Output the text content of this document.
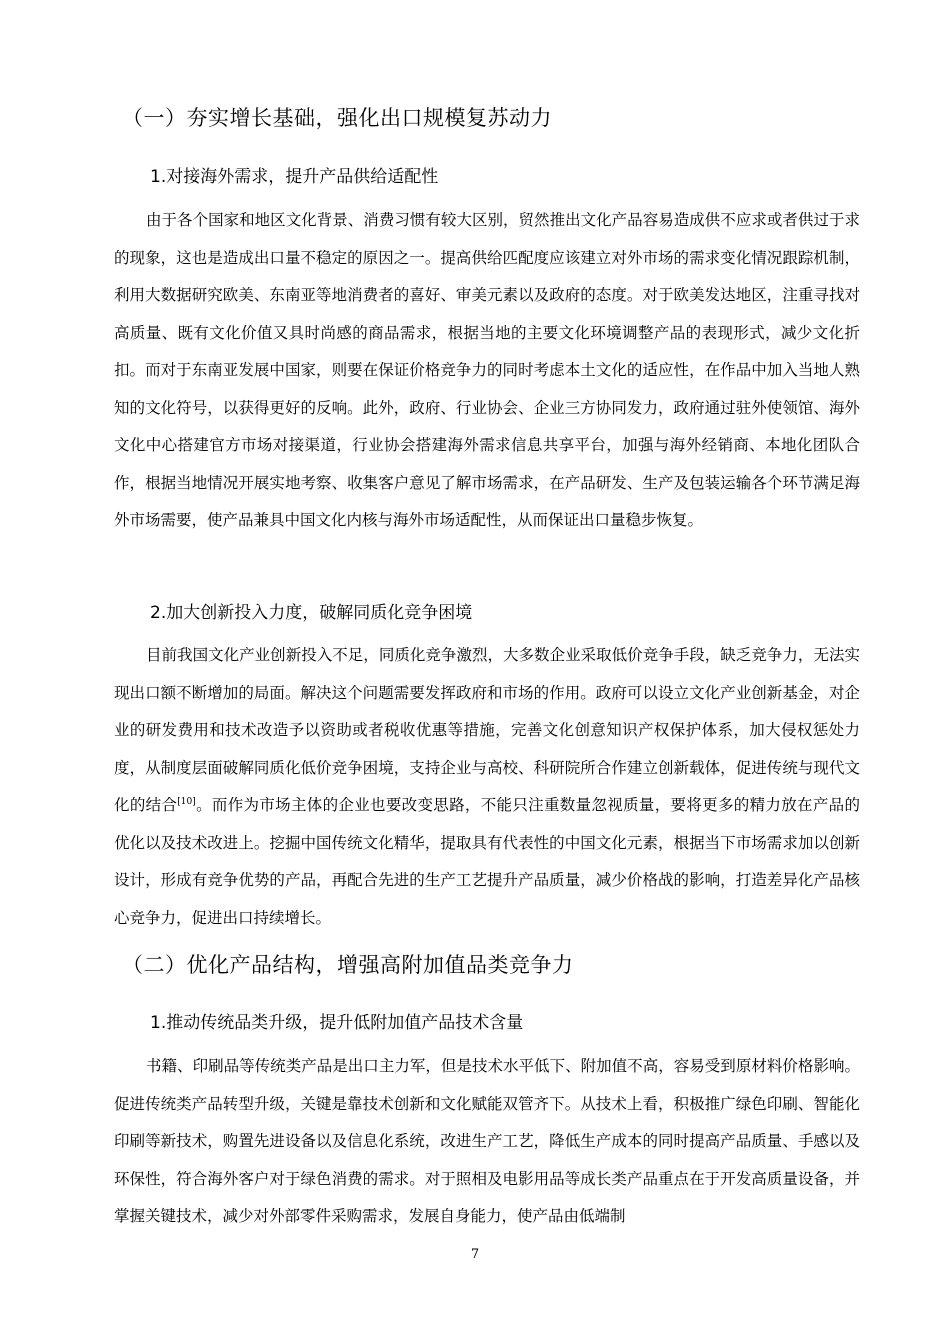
（一）夯实增长基础，强化出口规模复苏动力
1.对接海外需求，提升产品供给适配性

由于各个国家和地区文化背景、消费习惯有较大区别，贸然推出文化产品容易造成供不应求或者供过于求的现象，这也是造成出口量不稳定的原因之一。提高供给匹配度应该建立对外市场的需求变化情况跟踪机制，利用大数据研究欧美、东南亚等地消费者的喜好、审美元素以及政府的态度。对于欧美发达地区，注重寻找对高质量、既有文化价值又具时尚感的商品需求，根据当地的主要文化环境调整产品的表现形式，减少文化折扣。而对于东南亚发展中国家，则要在保证价格竞争力的同时考虑本土文化的适应性，在作品中加入当地人熟知的文化符号，以获得更好的反响。此外，政府、行业协会、企业三方协同发力，政府通过驻外使领馆、海外文化中心搭建官方市场对接渠道，行业协会搭建海外需求信息共享平台，加强与海外经销商、本地化团队合作，根据当地情况开展实地考察、收集客户意见了解市场需求，在产品研发、生产及包装运输各个环节满足海外市场需要，使产品兼具中国文化内核与海外市场适配性，从而保证出口量稳步恢复。

2.加大创新投入力度，破解同质化竞争困境

目前我国文化产业创新投入不足，同质化竞争激烈，大多数企业采取低价竞争手段，缺乏竞争力，无法实现出口额不断增加的局面。解决这个问题需要发挥政府和市场的作用。政府可以设立文化产业创新基金，对企业的研发费用和技术改造予以资助或者税收优惠等措施，完善文化创意知识产权保护体系，加大侵权惩处力度，从制度层面破解同质化低价竞争困境，支持企业与高校、科研院所合作建立创新载体，促进传统与现代文化的结合[10]。而作为市场主体的企业也要改变思路，不能只注重数量忽视质量，要将更多的精力放在产品的优化以及技术改进上。挖掘中国传统文化精华，提取具有代表性的中国文化元素，根据当下市场需求加以创新设计，形成有竞争优势的产品，再配合先进的生产工艺提升产品质量，减少价格战的影响，打造差异化产品核心竞争力，促进出口持续增长。

（二）优化产品结构，增强高附加值品类竞争力
1.推动传统品类升级，提升低附加值产品技术含量

书籍、印刷品等传统类产品是出口主力军，但是技术水平低下、附加值不高，容易受到原材料价格影响。促进传统类产品转型升级，关键是靠技术创新和文化赋能双管齐下。从技术上看，积极推广绿色印刷、智能化印刷等新技术，购置先进设备以及信息化系统，改进生产工艺，降低生产成本的同时提高产品质量、手感以及环保性，符合海外客户对于绿色消费的需求。对于照相及电影用品等成长类产品重点在于开发高质量设备，并掌握关键技术，减少对外部零件采购需求，发展自身能力，使产品由低端制

7
